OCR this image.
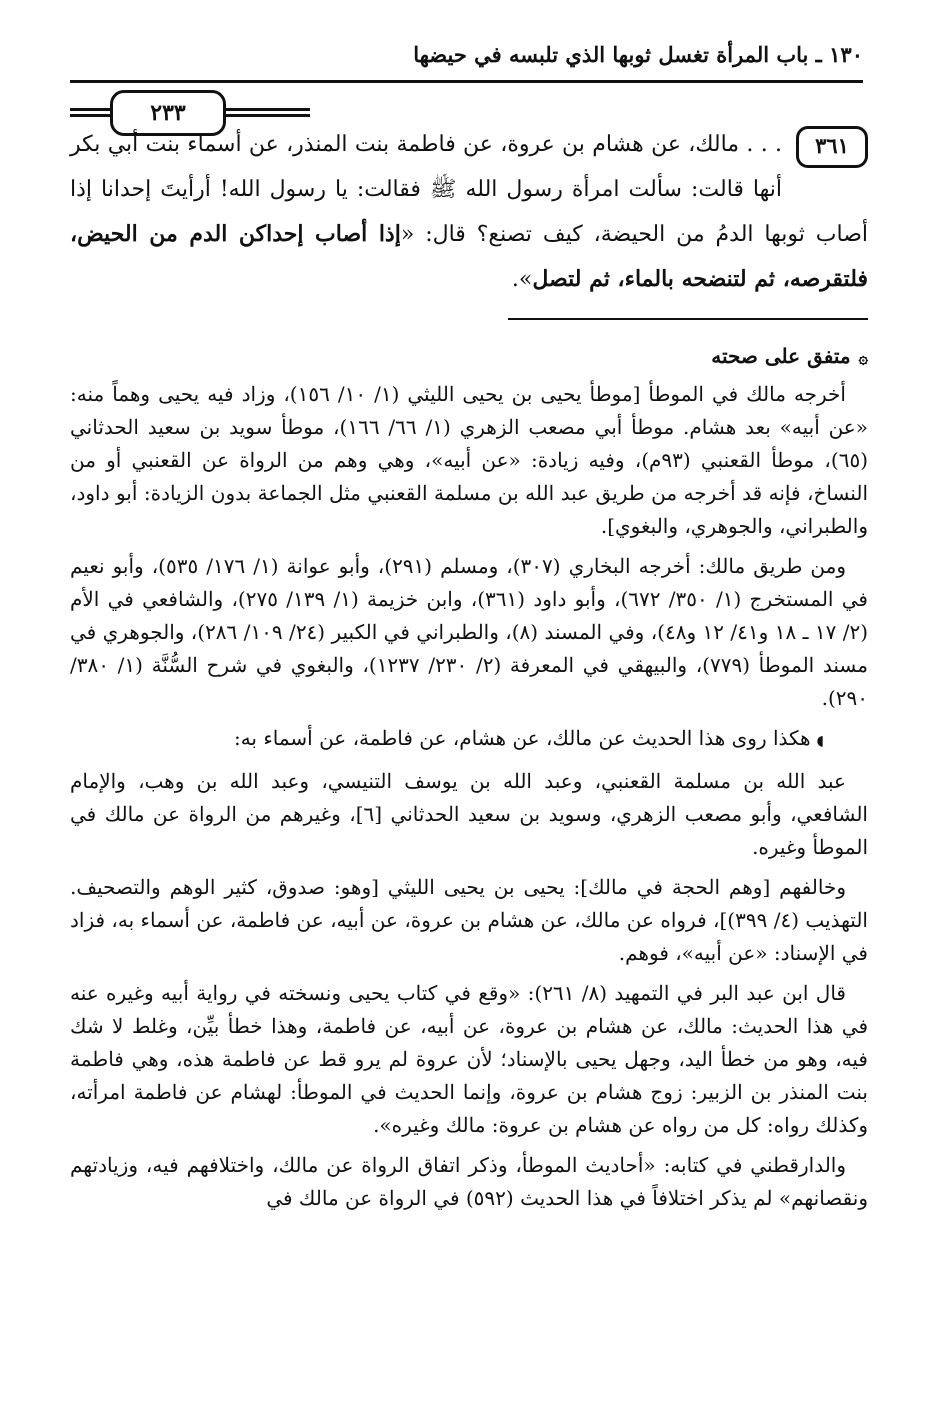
١٣٠ ـ باب المرأة تغسل ثوبها الذي تلبسه في حيضها
٢٣٣
٣٦١
. . . مالك، عن هشام بن عروة، عن فاطمة بنت المنذر، عن أسماء بنت أبي بكر أنها قالت: سألت امرأة رسول الله ﷺ فقالت: يا رسول الله! أرأيتَ إحدانا إذا أصاب ثوبها الدمُ من الحيضة، كيف تصنع؟ قال: «إذا أصاب إحداكن الدم من الحيض، فلتقرصه، ثم لتنضحه بالماء، ثم لتصل».
۞متفق على صحته

أخرجه مالك في الموطأ [موطأ يحيى بن يحيى الليثي (١/ ١٠/ ١٥٦)، وزاد فيه يحيى وهماً منه: «عن أبيه» بعد هشام. موطأ أبي مصعب الزهري (١/ ٦٦/ ١٦٦)، موطأ سويد بن سعيد الحدثاني (٦٥)، موطأ القعنبي (٩٣م)، وفيه زيادة: «عن أبيه»، وهي وهم من الرواة عن القعنبي أو من النساخ، فإنه قد أخرجه من طريق عبد الله بن مسلمة القعنبي مثل الجماعة بدون الزيادة: أبو داود، والطبراني، والجوهري، والبغوي].

ومن طريق مالك: أخرجه البخاري (٣٠٧)، ومسلم (٢٩١)، وأبو عوانة (١/ ١٧٦/ ٥٣٥)، وأبو نعيم في المستخرج (١/ ٣٥٠/ ٦٧٢)، وأبو داود (٣٦١)، وابن خزيمة (١/ ١٣٩/ ٢٧٥)، والشافعي في الأم (٢/ ١٧ ـ ١٨ و٤١/ ١٢ و٤٨)، وفي المسند (٨)، والطبراني في الكبير (٢٤/ ١٠٩/ ٢٨٦)، والجوهري في مسند الموطأ (٧٧٩)، والبيهقي في المعرفة (٢/ ٢٣٠/ ١٢٣٧)، والبغوي في شرح السُّنَّة (١/ ٣٨٠/ ٢٩٠).

◖هكذا روى هذا الحديث عن مالك، عن هشام، عن فاطمة، عن أسماء به:

عبد الله بن مسلمة القعنبي، وعبد الله بن يوسف التنيسي، وعبد الله بن وهب، والإمام الشافعي، وأبو مصعب الزهري، وسويد بن سعيد الحدثاني [٦]، وغيرهم من الرواة عن مالك في الموطأ وغيره.

وخالفهم [وهم الحجة في مالك]: يحيى بن يحيى الليثي [وهو: صدوق، كثير الوهم والتصحيف. التهذيب (٤/ ٣٩٩)]، فرواه عن مالك، عن هشام بن عروة، عن أبيه، عن فاطمة، عن أسماء به، فزاد في الإسناد: «عن أبيه»، فوهم.

قال ابن عبد البر في التمهيد (٨/ ٢٦١): «وقع في كتاب يحيى ونسخته في رواية أبيه وغيره عنه في هذا الحديث: مالك، عن هشام بن عروة، عن أبيه، عن فاطمة، وهذا خطأ بيِّن، وغلط لا شك فيه، وهو من خطأ اليد، وجهل يحيى بالإسناد؛ لأن عروة لم يرو قط عن فاطمة هذه، وهي فاطمة بنت المنذر بن الزبير: زوج هشام بن عروة، وإنما الحديث في الموطأ: لهشام عن فاطمة امرأته، وكذلك رواه: كل من رواه عن هشام بن عروة: مالك وغيره».

والدارقطني في كتابه: «أحاديث الموطأ، وذكر اتفاق الرواة عن مالك، واختلافهم فيه، وزيادتهم ونقصانهم» لم يذكر اختلافاً في هذا الحديث (٥٩٢) في الرواة عن مالك في
